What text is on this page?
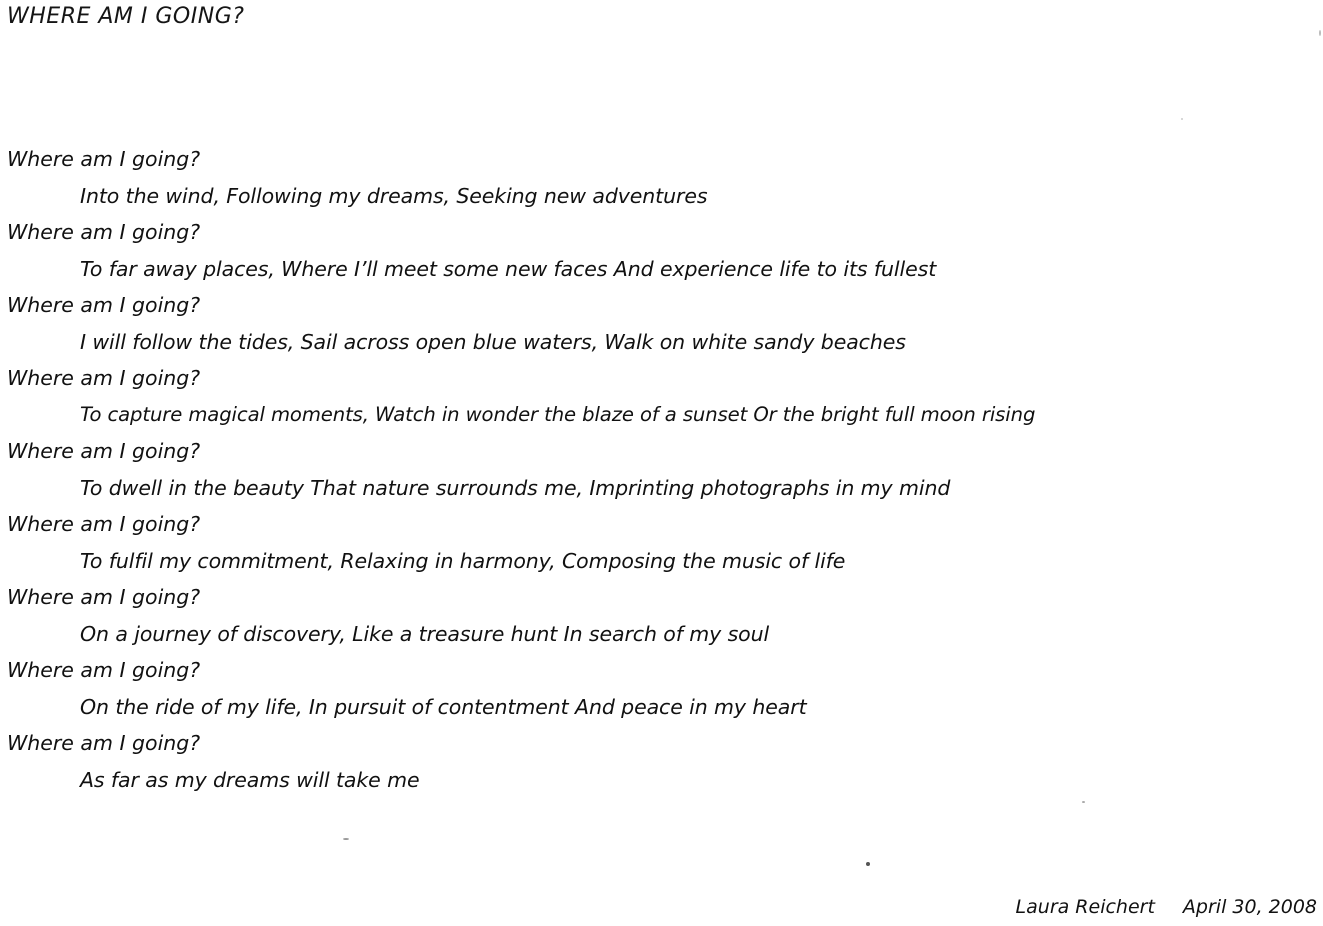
WHERE AM I GOING?
Where am I going?
Into the wind, Following my dreams, Seeking new adventures
Where am I going?
To far away places, Where I’ll meet some new faces And experience life to its fullest
Where am I going?
I will follow the tides, Sail across open blue waters, Walk on white sandy beaches
Where am I going?
To capture magical moments, Watch in wonder the blaze of a sunset Or the bright full moon rising
Where am I going?
To dwell in the beauty That nature surrounds me, Imprinting photographs in my mind
Where am I going?
To fulfil my commitment, Relaxing in harmony, Composing the music of life
Where am I going?
On a journey of discovery, Like a treasure hunt In search of my soul
Where am I going?
On the ride of my life, In pursuit of contentment And peace in my heart
Where am I going?
As far as my dreams will take me
Laura Reichert April 30, 2008
